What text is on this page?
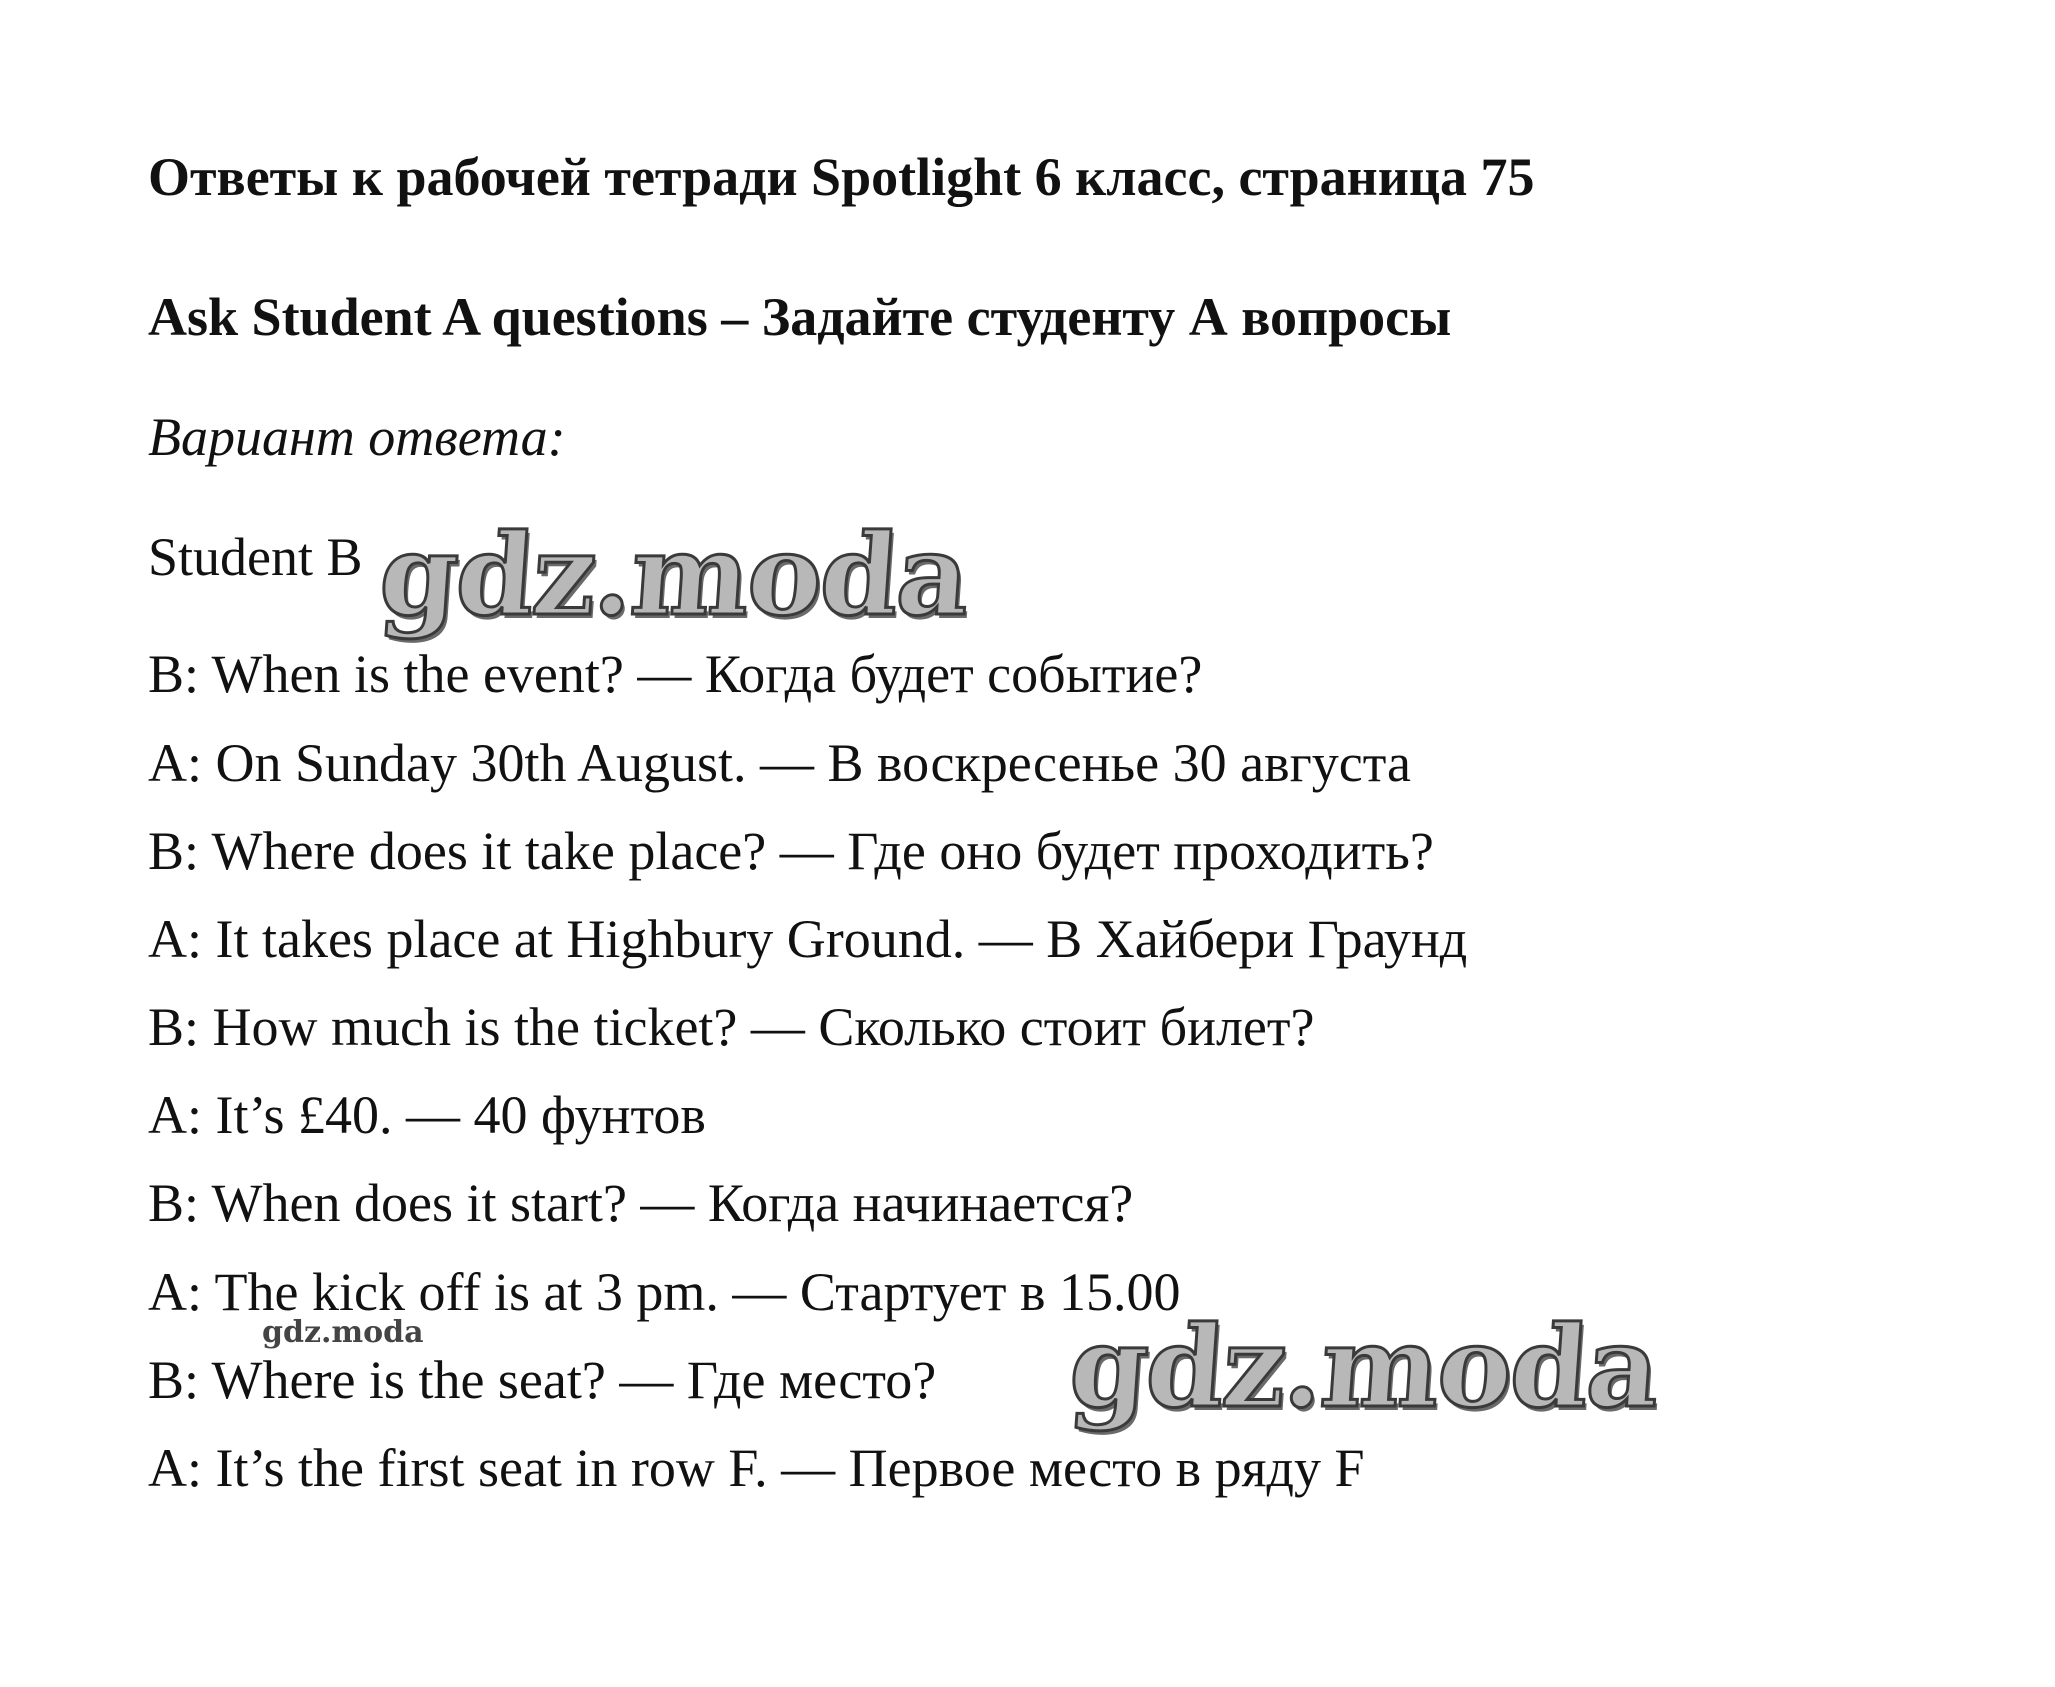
Ответы к рабочей тетради Spotlight 6 класс, страница 75
Ask Student A questions – Задайте студенту А вопросы
Вариант ответа:
Student B
B: When is the event? — Когда будет событие?
A: On Sunday 30th August. — В воскресенье 30 августа
B: Where does it take place? — Где оно будет проходить?
A: It takes place at Highbury Ground. — В Хайбери Граунд
B: How much is the ticket? — Сколько стоит билет?
A: It’s £40. — 40 фунтов
B: When does it start? — Когда начинается?
A: The kick off is at 3 pm. — Стартует в 15.00
B: Where is the seat? — Где место?
A: It’s the first seat in row F. — Первое место в ряду F
gdz.moda
gdz.moda	gdz.moda
